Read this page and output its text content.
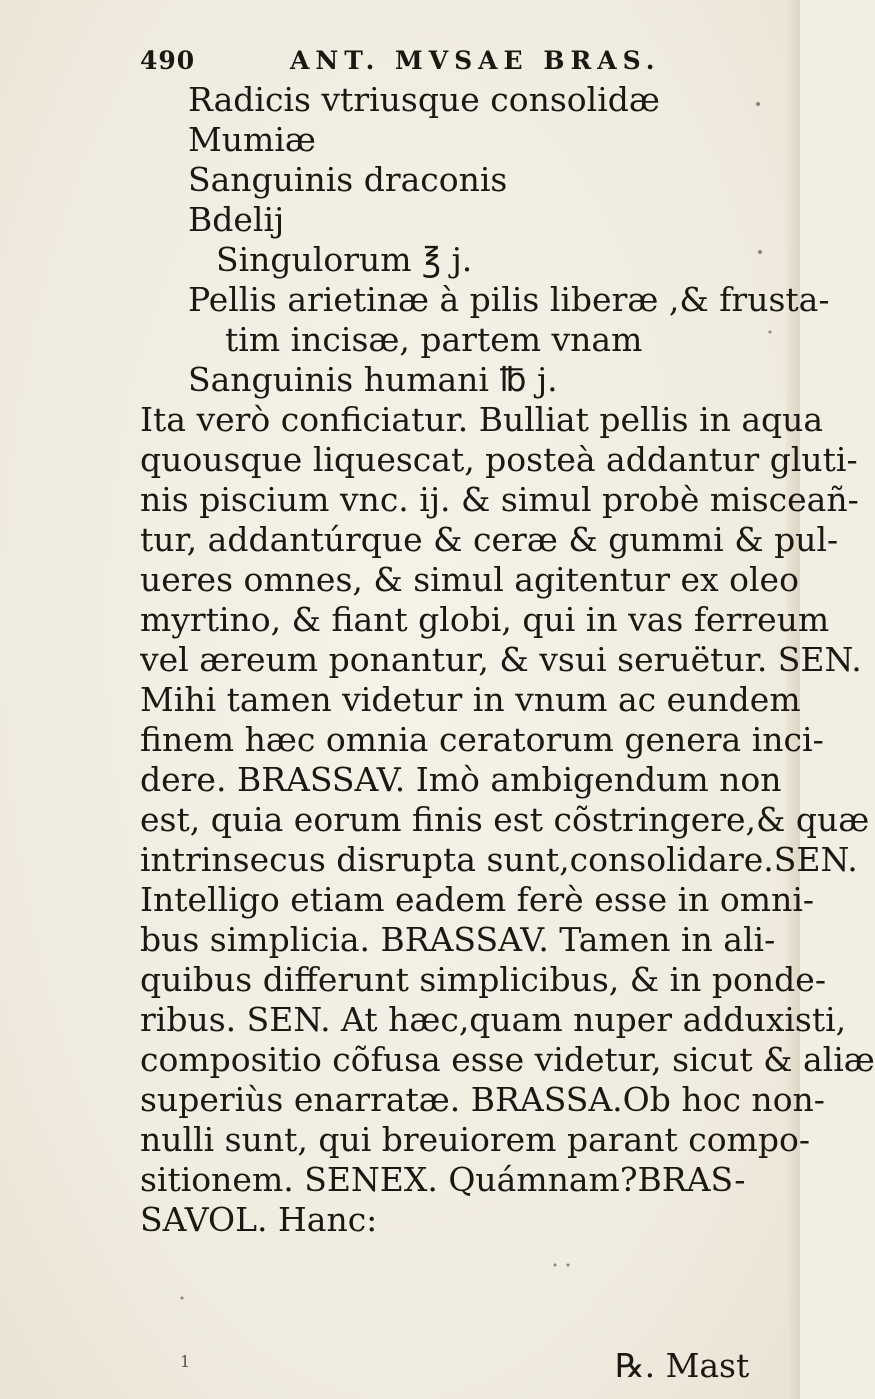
490	ANT. MVSAE BRAS.
Radicis vtriusque consolidæ
Mumiæ
Sanguinis draconis
Bdelij
Singulorum ℥ j.
Pellis arietinæ à pilis liberæ ,& frusta-
tim incisæ, partem vnam
Sanguinis humani ℔ j.
Ita verò conficiatur. Bulliat pellis in aqua
quousque liquescat, posteà addantur gluti-
nis piscium vnc. ij. & simul probè misceañ-
tur, addantúrque & ceræ & gummi & pul-
ueres omnes, & simul agitentur ex oleo
myrtino, & fiant globi, qui in vas ferreum
vel æreum ponantur, & vsui seruëtur. SEN.
Mihi tamen videtur in vnum ac eundem
finem hæc omnia ceratorum genera inci-
dere. BRASSAV. Imò ambigendum non
est, quia eorum finis est cõstringere,& quæ
intrinsecus disrupta sunt,consolidare.SEN.
Intelligo etiam eadem ferè esse in omni-
bus simplicia. BRASSAV. Tamen in ali-
quibus differunt simplicibus, & in ponde-
ribus. SEN. At hæc,quam nuper adduxisti,
compositio cõfusa esse videtur, sicut & aliæ
superiùs enarratæ. BRASSA.Ob hoc non-
nulli sunt, qui breuiorem parant compo-
sitionem. SENEX. Quámnam?BRAS-
SAVOL. Hanc:
1	℞. Mast
